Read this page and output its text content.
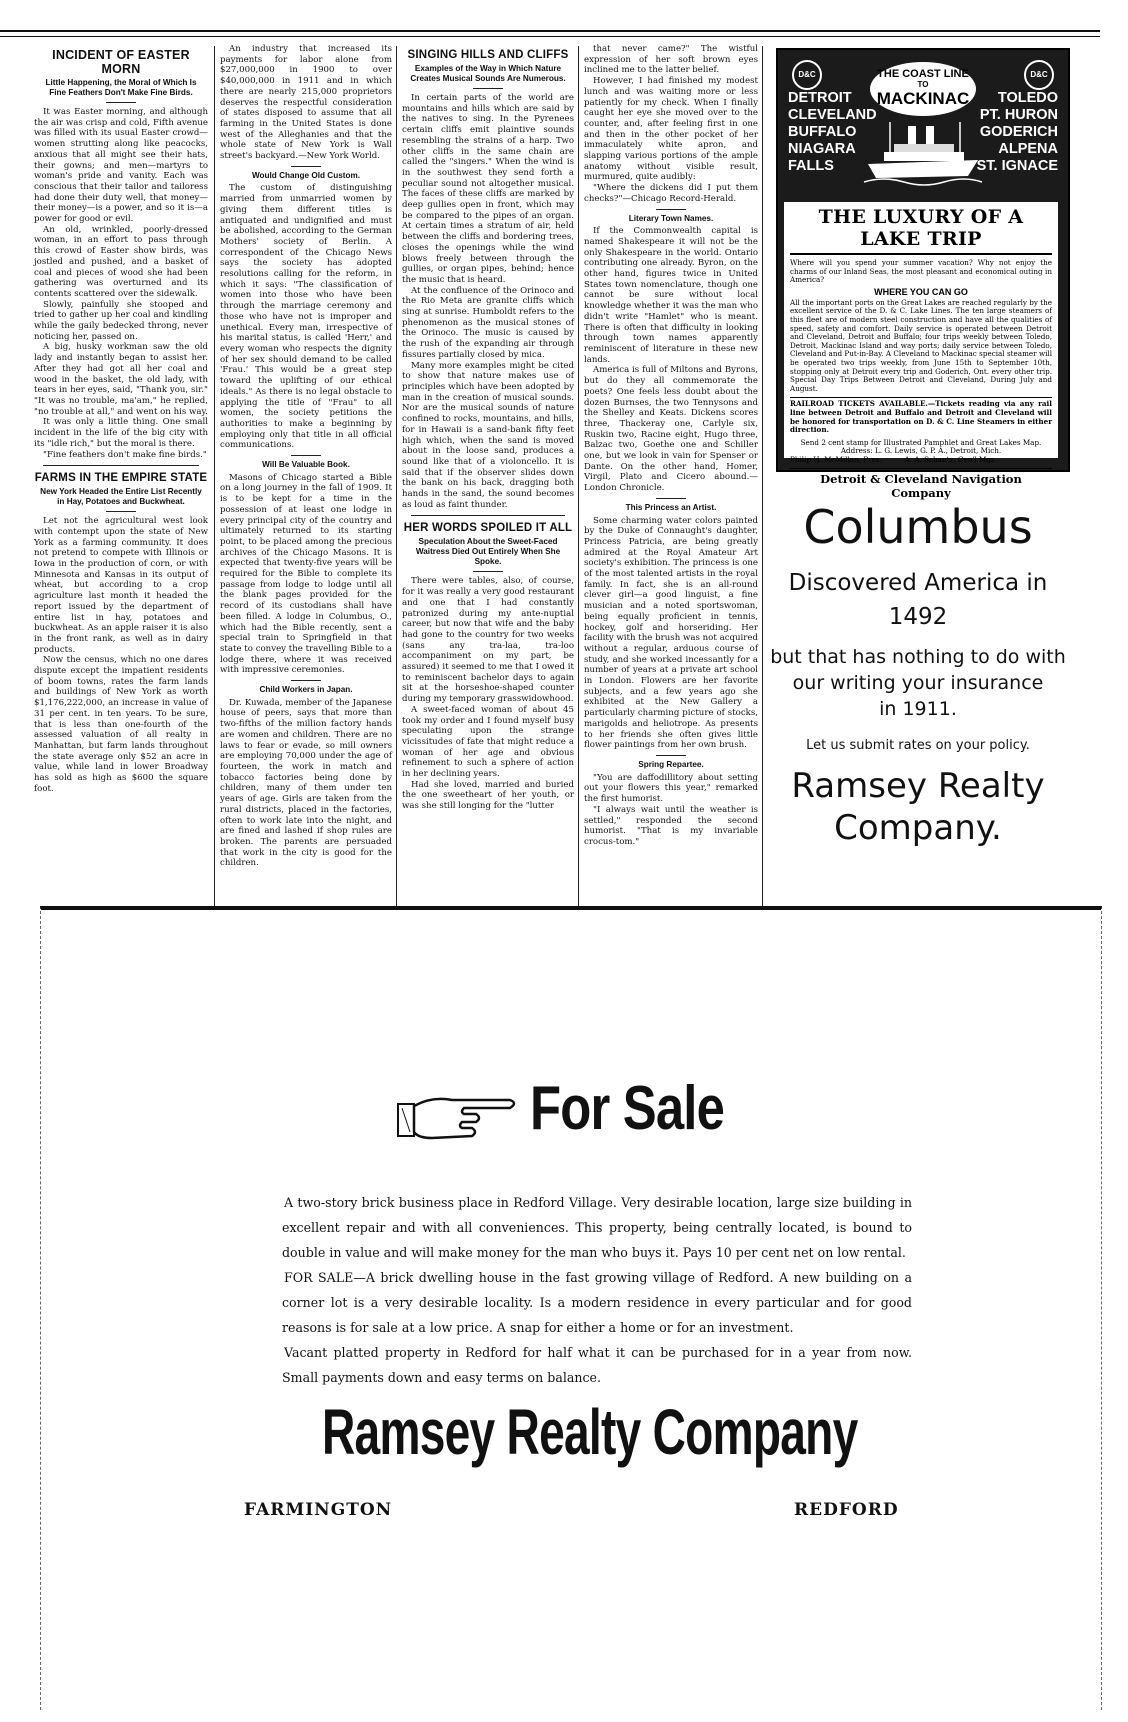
INCIDENT OF EASTER MORN
Little Happening, the Moral of Which Is Fine Feathers Don't Make Fine Birds.

It was Easter morning, and although the air was crisp and cold, Fifth avenue was filled with its usual Easter crowd—women strutting along like peacocks, anxious that all might see their hats, their gowns; and men—martyrs to woman's pride and vanity. Each was conscious that their tailor and tailoress had done their duty well, that money—their money—is a power, and so it is—a power for good or evil.

An old, wrinkled, poorly-dressed woman, in an effort to pass through this crowd of Easter show birds, was jostled and pushed, and a basket of coal and pieces of wood she had been gathering was overturned and its contents scattered over the sidewalk.

Slowly, painfully she stooped and tried to gather up her coal and kindling while the gaily bedecked throng, never noticing her, passed on.

A big, husky workman saw the old lady and instantly began to assist her. After they had got all her coal and wood in the basket, the old lady, with tears in her eyes, said, "Thank you, sir." "It was no trouble, ma'am," he replied, "no trouble at all," and went on his way.

It was only a little thing. One small incident in the life of the big city with its "idle rich," but the moral is there.

"Fine feathers don't make fine birds."

FARMS IN THE EMPIRE STATE
New York Headed the Entire List Recently in Hay, Potatoes and Buckwheat.

Let not the agricultural west look with contempt upon the state of New York as a farming community. It does not pretend to compete with Illinois or Iowa in the production of corn, or with Minnesota and Kansas in its output of wheat, but according to a crop agriculture last month it headed the report issued by the department of entire list in hay, potatoes and buckwheat. As an apple raiser it is also in the front rank, as well as in dairy products.

Now the census, which no one dares dispute except the impatient residents of boom towns, rates the farm lands and buildings of New York as worth $1,176,222,000, an increase in value of 31 per cent. in ten years. To be sure, that is less than one-fourth of the assessed valuation of all realty in Manhattan, but farm lands throughout the state average only $52 an acre in value, while land in lower Broadway has sold as high as $600 the square foot.

An industry that increased its payments for labor alone from $27,000,000 in 1900 to over $40,000,000 in 1911 and in which there are nearly 215,000 proprietors deserves the respectful consideration of states disposed to assume that all farming in the United States is done west of the Alleghanies and that the whole state of New York is Wall street's backyard.—New York World.

Would Change Old Custom.

The custom of distinguishing married from unmarried women by giving them different titles is antiquated and undignified and must be abolished, according to the German Mothers' society of Berlin. A correspondent of the Chicago News says the society has adopted resolutions calling for the reform, in which it says: "The classification of women into those who have been through the marriage ceremony and those who have not is improper and unethical. Every man, irrespective of his marital status, is called 'Herr,' and every woman who respects the dignity of her sex should demand to be called 'Frau.' This would be a great step toward the uplifting of our ethical ideals." As there is no legal obstacle to applying the title of "Frau" to all women, the society petitions the authorities to make a beginning by employing only that title in all official communications.

Will Be Valuable Book.

Masons of Chicago started a Bible on a long journey in the fall of 1909. It is to be kept for a time in the possession of at least one lodge in every principal city of the country and ultimately returned to its starting point, to be placed among the precious archives of the Chicago Masons. It is expected that twenty-five years will be required for the Bible to complete its passage from lodge to lodge until all the blank pages provided for the record of its custodians shall have been filled. A lodge in Columbus, O., which had the Bible recently, sent a special train to Springfield in that state to convey the travelling Bible to a lodge there, where it was received with impressive ceremonies.

Child Workers in Japan.

Dr. Kuwada, member of the Japanese house of peers, says that more than two-fifths of the million factory hands are women and children. There are no laws to fear or evade, so mill owners are employing 70,000 under the age of fourteen, the work in match and tobacco factories being done by children, many of them under ten years of age. Girls are taken from the rural districts, placed in the factories, often to work late into the night, and are fined and lashed if shop rules are broken. The parents are persuaded that work in the city is good for the children.

SINGING HILLS AND CLIFFS
Examples of the Way in Which Nature Creates Musical Sounds Are Numerous.

In certain parts of the world are mountains and hills which are said by the natives to sing. In the Pyrenees certain cliffs emit plaintive sounds resembling the strains of a harp. Two other cliffs in the same chain are called the "singers." When the wind is in the southwest they send forth a peculiar sound not altogether musical. The faces of these cliffs are marked by deep gullies open in front, which may be compared to the pipes of an organ. At certain times a stratum of air, held between the cliffs and bordering trees, closes the openings while the wind blows freely between through the gullies, or organ pipes, behind; hence the music that is heard.

At the confluence of the Orinoco and the Rio Meta are granite cliffs which sing at sunrise. Humboldt refers to the phenomenon as the musical stones of the Orinoco. The music is caused by the rush of the expanding air through fissures partially closed by mica.

Many more examples might be cited to show that nature makes use of principles which have been adopted by man in the creation of musical sounds. Nor are the musical sounds of nature confined to rocks, mountains, and hills, for in Hawaii is a sand-bank fifty feet high which, when the sand is moved about in the loose sand, produces a sound like that of a violoncello. It is said that if the observer slides down the bank on his back, dragging both hands in the sand, the sound becomes as loud as faint thunder.

HER WORDS SPOILED IT ALL
Speculation About the Sweet-Faced Waitress Died Out Entirely When She Spoke.

There were tables, also, of course, for it was really a very good restaurant and one that I had constantly patronized during my ante-nuptial career, but now that wife and the baby had gone to the country for two weeks (sans any tra-laa, tra-loo accompaniment on my part, be assured) it seemed to me that I owed it to reminiscent bachelor days to again sit at the horseshoe-shaped counter during my temporary grasswidowhood.

A sweet-faced woman of about 45 took my order and I found myself busy speculating upon the strange vicissitudes of fate that might reduce a woman of her age and obvious refinement to such a sphere of action in her declining years.

Had she loved, married and buried the one sweetheart of her youth, or was she still longing for the "lutter

that never came?" The wistful expression of her soft brown eyes inclined me to the latter belief.

However, I had finished my modest lunch and was waiting more or less patiently for my check. When I finally caught her eye she moved over to the counter, and, after feeling first in one and then in the other pocket of her immaculately white apron, and slapping various portions of the ample anatomy without visible result, murmured, quite audibly:

"Where the dickens did I put them checks?"—Chicago Record-Herald.

Literary Town Names.

If the Commonwealth capital is named Shakespeare it will not be the only Shakespeare in the world. Ontario contributing one already. Byron, on the other hand, figures twice in United States town nomenclature, though one cannot be sure without local knowledge whether it was the man who didn't write "Hamlet" who is meant. There is often that difficulty in looking through town names apparently reminiscent of literature in these new lands.

America is full of Miltons and Byrons, but do they all commemorate the poets? One feels less doubt about the dozen Burnses, the two Tennysons and the Shelley and Keats. Dickens scores three, Thackeray one, Carlyle six, Ruskin two, Racine eight, Hugo three, Balzac two, Goethe one and Schiller one, but we look in vain for Spenser or Dante. On the other hand, Homer, Virgil, Plato and Cicero abound.—London Chronicle.

This Princess an Artist.

Some charming water colors painted by the Duke of Connaught's daughter, Princess Patricia, are being greatly admired at the Royal Amateur Art society's exhibition. The princess is one of the most talented artists in the royal family. In fact, she is an all-round clever girl—a good linguist, a fine musician and a noted sportswoman, being equally proficient in tennis, hockey, golf and horseriding. Her facility with the brush was not acquired without a regular, arduous course of study, and she worked incessantly for a number of years at a private art school in London. Flowers are her favorite subjects, and a few years ago she exhibited at the New Gallery a particularly charming picture of stocks, marigolds and heliotrope. As presents to her friends she often gives little flower paintings from her own brush.

Spring Repartee.

"You are daffodillitory about setting out your flowers this year," remarked the first humorist.

"I always wait until the weather is settled," responded the second humorist. "That is my invariable crocus-tom."

D&C	D&C
THE COAST LINE
TO
MACKINAC
DETROIT
CLEVELAND
BUFFALO
NIAGARA
FALLS
TOLEDO
PT. HURON
GODERICH
ALPENA
ST. IGNACE
THE LUXURY OF A LAKE TRIP
Where will you spend your summer vacation? Why not enjoy the charms of our Inland Seas, the most pleasant and economical outing in America?
WHERE YOU CAN GO
All the important ports on the Great Lakes are reached regularly by the excellent service of the D. & C. Lake Lines. The ten large steamers of this fleet are of modern steel construction and have all the qualities of speed, safety and comfort. Daily service is operated between Detroit and Cleveland, Detroit and Buffalo; four trips weekly between Toledo, Detroit, Mackinac Island and way ports; daily service between Toledo, Cleveland and Put-in-Bay. A Cleveland to Mackinac special steamer will be operated two trips weekly, from June 15th to September 10th, stopping only at Detroit every trip and Goderich, Ont. every other trip. Special Day Trips Between Detroit and Cleveland, During July and August.
RAILROAD TICKETS AVAILABLE.—Tickets reading via any rail line between Detroit and Buffalo and Detroit and Cleveland will be honored for transportation on D. & C. Line Steamers in either direction.
Send 2 cent stamp for Illustrated Pamphlet and Great Lakes Map.
Address: L. G. Lewis, G. P. A., Detroit, Mich.
Philip H. McMillan, Pres.          A. A. Schantz, Gen'l Mgr.
Detroit & Cleveland Navigation Company
Columbus
Discovered America in
1492
but that has nothing to do with
our writing your insurance
in 1911.
Let us submit rates on your policy.
Ramsey Realty
Company.
For Sale

A two-story brick business place in Redford Village. Very desirable location, large size building in excellent repair and with all conveniences. This property, being centrally located, is bound to double in value and will make money for the man who buys it. Pays 10 per cent net on low rental.

FOR SALE—A brick dwelling house in the fast growing village of Redford. A new building on a corner lot is a very desirable locality. Is a modern residence in every particular and for good reasons is for sale at a low price. A snap for either a home or for an investment.

Vacant platted property in Redford for half what it can be purchased for in a year from now. Small payments down and easy terms on balance.

Ramsey Realty Company
FARMINGTON	REDFORD
